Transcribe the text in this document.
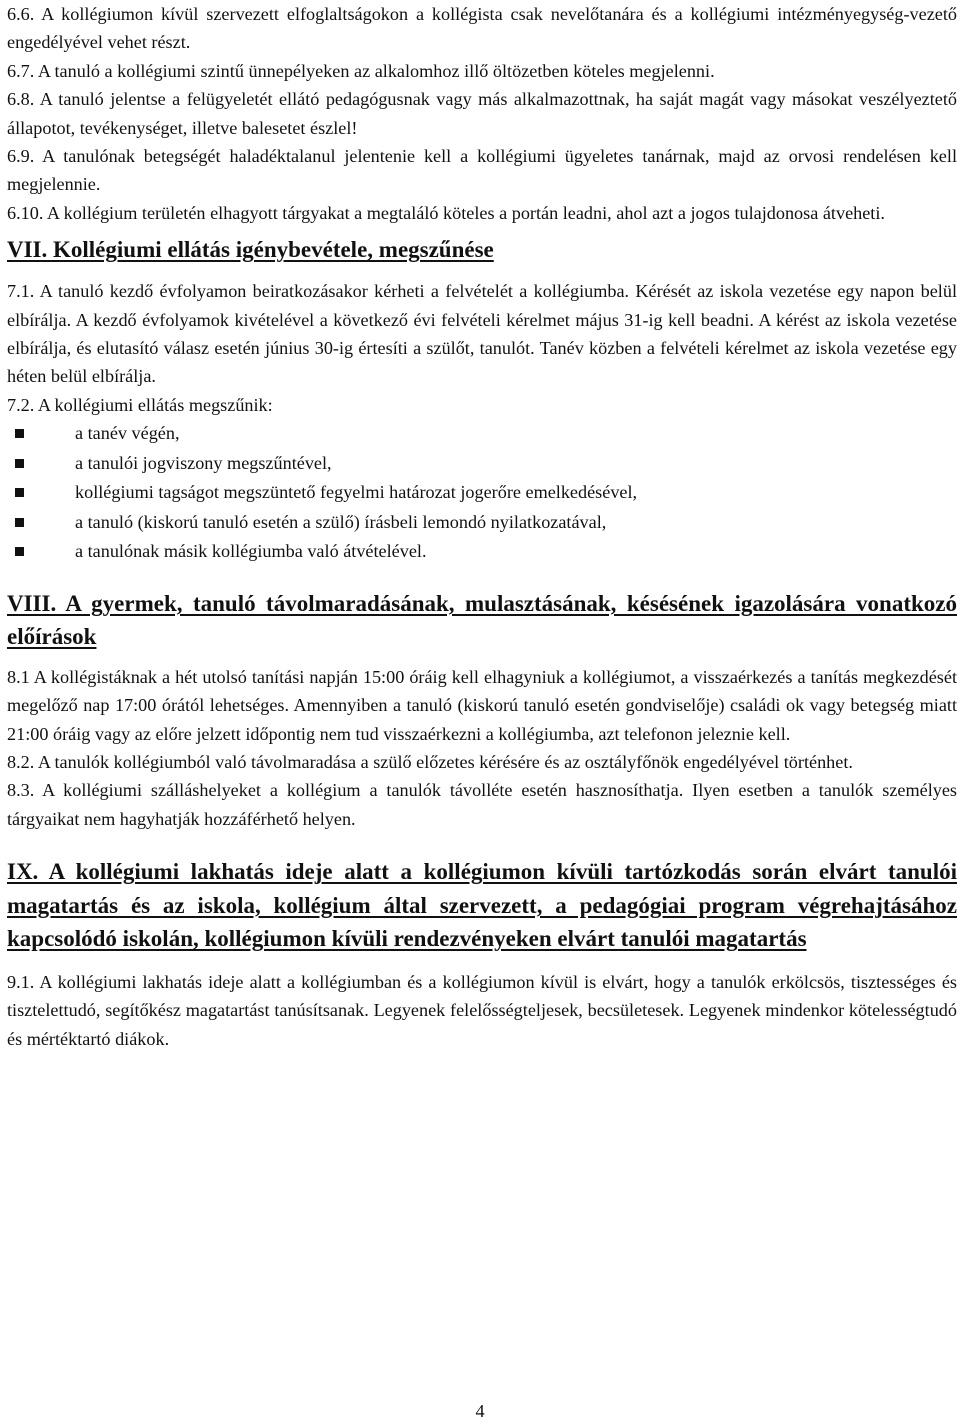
6.6. A kollégiumon kívül szervezett elfoglaltságokon a kollégista csak nevelőtanára és a kollégiumi intézményegység-vezető engedélyével vehet részt.

6.7. A tanuló a kollégiumi szintű ünnepélyeken az alkalomhoz illő öltözetben köteles megjelenni.

6.8. A tanuló jelentse a felügyeletét ellátó pedagógusnak vagy más alkalmazottnak, ha saját magát vagy másokat veszélyeztető állapotot, tevékenységet, illetve balesetet észlel!

6.9. A tanulónak betegségét haladéktalanul jelentenie kell a kollégiumi ügyeletes tanárnak, majd az orvosi rendelésen kell megjelennie.

6.10. A kollégium területén elhagyott tárgyakat a megtaláló köteles a portán leadni, ahol azt a jogos tulajdonosa átveheti.

VII. Kollégiumi ellátás igénybevétele, megszűnése

7.1. A tanuló kezdő évfolyamon beiratkozásakor kérheti a felvételét a kollégiumba. Kérését az iskola vezetése egy napon belül elbírálja. A kezdő évfolyamok kivételével a következő évi felvételi kérelmet május 31-ig kell beadni. A kérést az iskola vezetése elbírálja, és elutasító válasz esetén június 30-ig értesíti a szülőt, tanulót. Tanév közben a felvételi kérelmet az iskola vezetése egy héten belül elbírálja.

7.2. A kollégiumi ellátás megszűnik:

a tanév végén,
a tanulói jogviszony megszűntével,
kollégiumi tagságot megszüntető fegyelmi határozat jogerőre emelkedésével,
a tanuló (kiskorú tanuló esetén a szülő) írásbeli lemondó nyilatkozatával,
a tanulónak másik kollégiumba való átvételével.
VIII. A gyermek, tanuló távolmaradásának, mulasztásának, késésének igazolására vonatkozó előírások

8.1 A kollégistáknak a hét utolsó tanítási napján 15:00 óráig kell elhagyniuk a kollégiumot, a visszaérkezés a tanítás megkezdését megelőző nap 17:00 órától lehetséges. Amennyiben a tanuló (kiskorú tanuló esetén gondviselője) családi ok vagy betegség miatt 21:00 óráig vagy az előre jelzett időpontig nem tud visszaérkezni a kollégiumba, azt telefonon jeleznie kell.

8.2. A tanulók kollégiumból való távolmaradása a szülő előzetes kérésére és az osztályfőnök engedélyével történhet.

8.3. A kollégiumi szálláshelyeket a kollégium a tanulók távolléte esetén hasznosíthatja. Ilyen esetben a tanulók személyes tárgyaikat nem hagyhatják hozzáférhető helyen.

IX. A kollégiumi lakhatás ideje alatt a kollégiumon kívüli tartózkodás során elvárt tanulói magatartás és az iskola, kollégium által szervezett, a pedagógiai program végrehajtásához kapcsolódó iskolán, kollégiumon kívüli rendezvényeken elvárt tanulói magatartás

9.1. A kollégiumi lakhatás ideje alatt a kollégiumban és a kollégiumon kívül is elvárt, hogy a tanulók erkölcsös, tisztességes és tisztelettudó, segítőkész magatartást tanúsítsanak. Legyenek felelősségteljesek, becsületesek. Legyenek mindenkor kötelességtudó és mértéktartó diákok.

4
